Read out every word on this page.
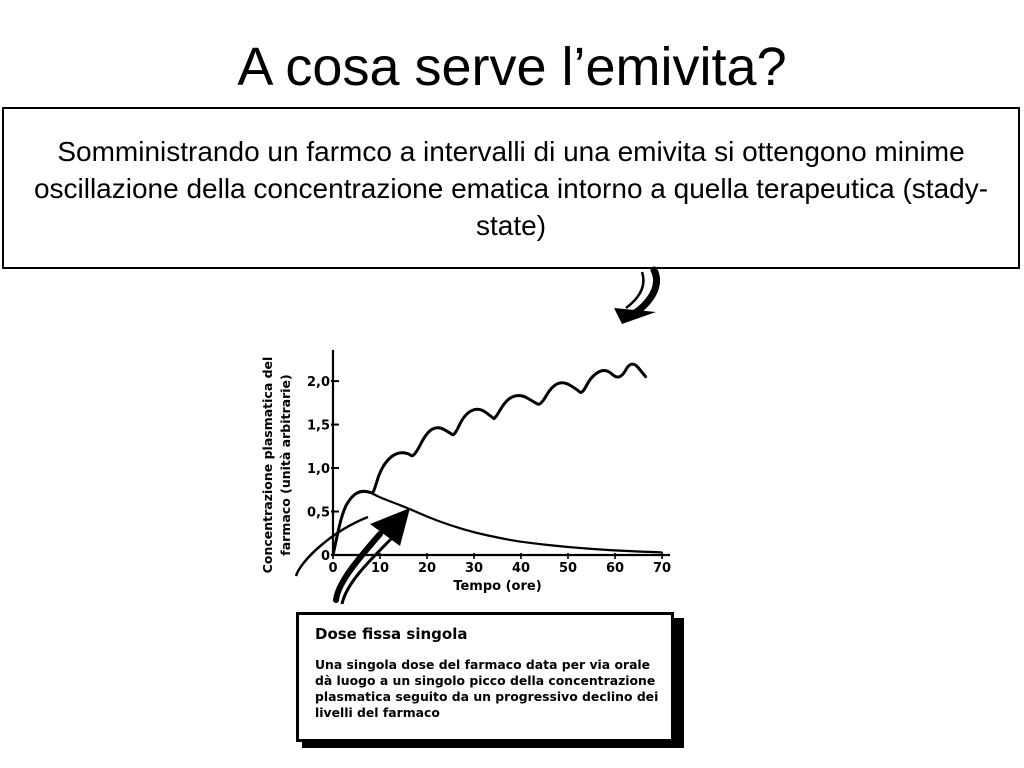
A cosa serve l’emivita?
Somministrando un farmco a intervalli di una emivita si ottengono minime oscillazione della concentrazione ematica intorno a quella terapeutica (stady-state)
0
0,5
1,0
1,5
2,0
0	10 20 30 40 50 60 70
Tempo (ore)
Concentrazione plasmatica del farmaco (unità arbitrarie)
Dose fissa singola
Una singola dose del farmaco data per via orale dà luogo a un singolo picco della concentrazione plasmatica seguito da un progressivo declino dei livelli del farmaco
